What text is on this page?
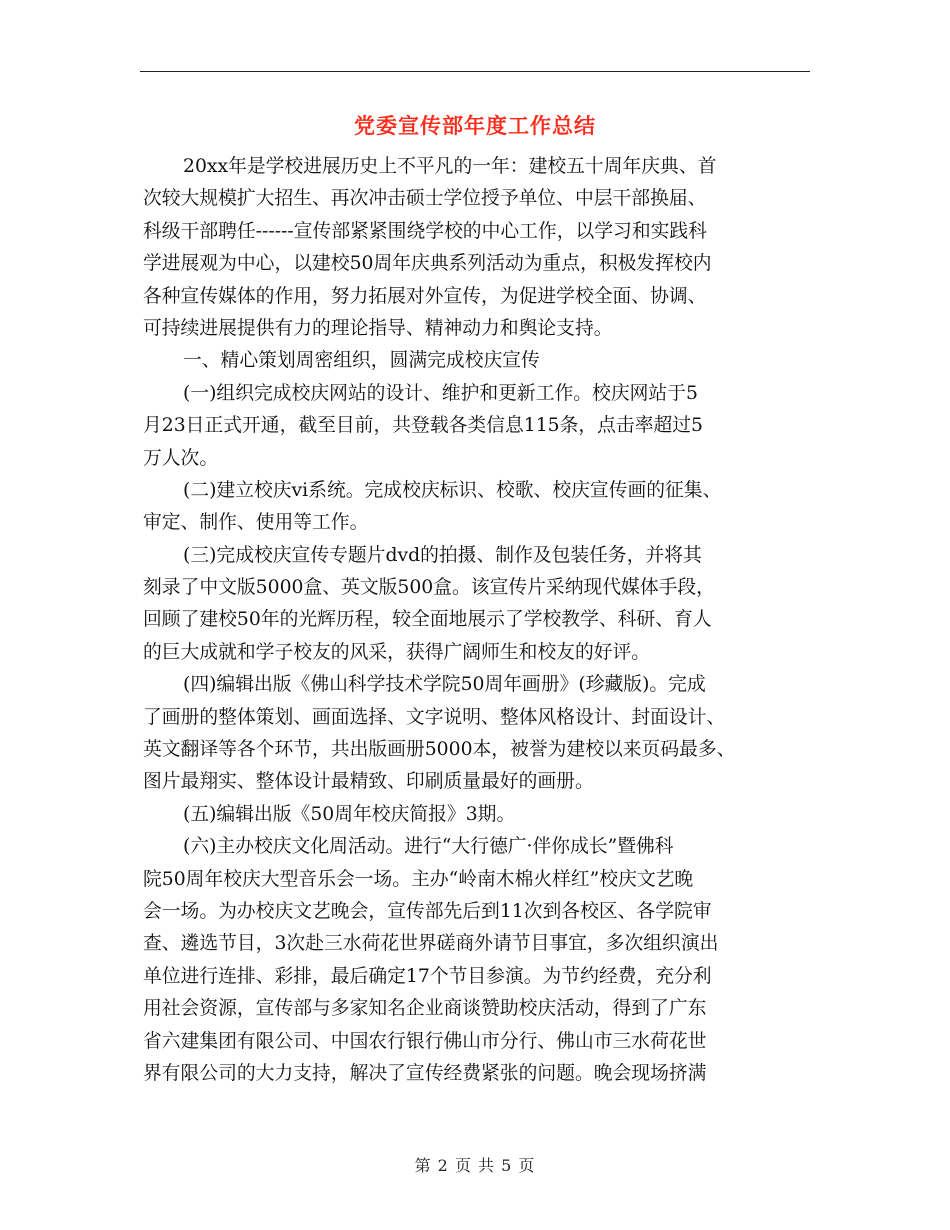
党委宣传部年度工作总结
20xx年是学校进展历史上不平凡的一年：建校五十周年庆典、首
次较大规模扩大招生、再次冲击硕士学位授予单位、中层干部换届、
科级干部聘任------宣传部紧紧围绕学校的中心工作，以学习和实践科
学进展观为中心，以建校50周年庆典系列活动为重点，积极发挥校内
各种宣传媒体的作用，努力拓展对外宣传，为促进学校全面、协调、
可持续进展提供有力的理论指导、精神动力和舆论支持。
一、精心策划周密组织，圆满完成校庆宣传
(一)组织完成校庆网站的设计、维护和更新工作。校庆网站于5
月23日正式开通，截至目前，共登载各类信息115条，点击率超过5
万人次。
(二)建立校庆vi系统。完成校庆标识、校歌、校庆宣传画的征集、
审定、制作、使用等工作。
(三)完成校庆宣传专题片dvd的拍摄、制作及包装任务，并将其
刻录了中文版5000盒、英文版500盒。该宣传片采纳现代媒体手段，
回顾了建校50年的光辉历程，较全面地展示了学校教学、科研、育人
的巨大成就和学子校友的风采，获得广阔师生和校友的好评。
(四)编辑出版《佛山科学技术学院50周年画册》(珍藏版)。完成
了画册的整体策划、画面选择、文字说明、整体风格设计、封面设计、
英文翻译等各个环节，共出版画册5000本，被誉为建校以来页码最多、
图片最翔实、整体设计最精致、印刷质量最好的画册。
(五)编辑出版《50周年校庆简报》3期。
(六)主办校庆文化周活动。进行“大行德广·伴你成长”暨佛科
院50周年校庆大型音乐会一场。主办“岭南木棉火样红”校庆文艺晚
会一场。为办校庆文艺晚会，宣传部先后到11次到各校区、各学院审
查、遴选节目，3次赴三水荷花世界磋商外请节目事宜，多次组织演出
单位进行连排、彩排，最后确定17个节目参演。为节约经费，充分利
用社会资源，宣传部与多家知名企业商谈赞助校庆活动，得到了广东
省六建集团有限公司、中国农行银行佛山市分行、佛山市三水荷花世
界有限公司的大力支持，解决了宣传经费紧张的问题。晚会现场挤满
第 2 页 共 5 页
